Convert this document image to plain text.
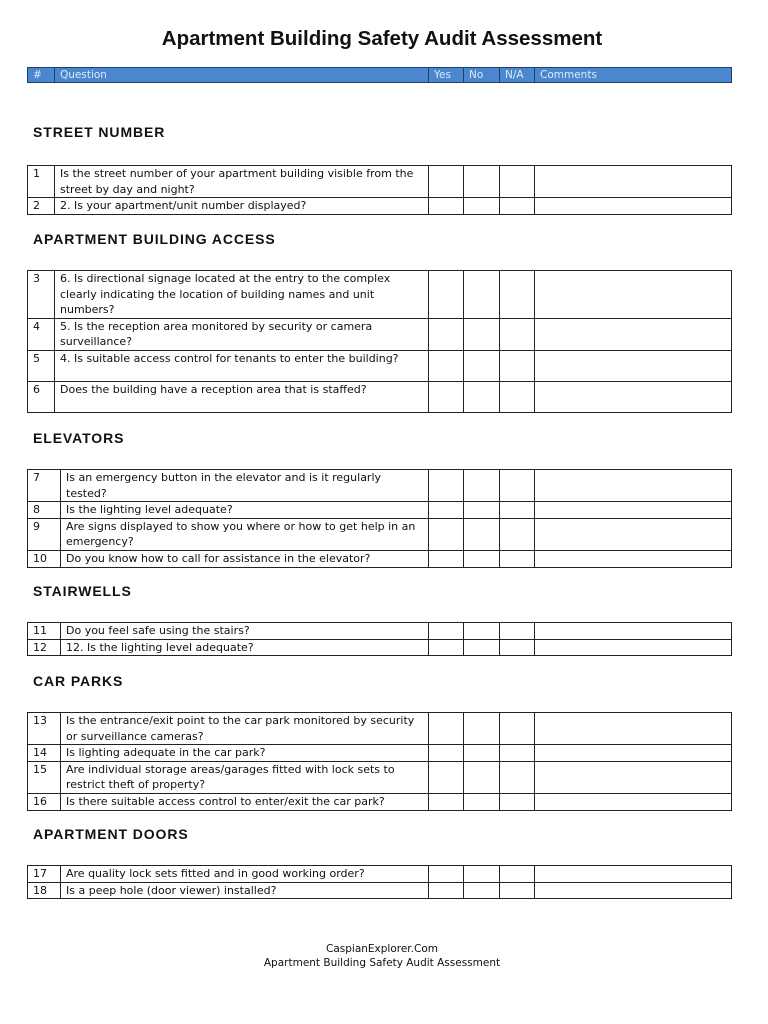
Apartment Building Safety Audit Assessment
#	Question	Yes	No	N/A	Comments
STREET NUMBER
1	Is the street number of your apartment building visible from the street by day and night?				
2	2. Is your apartment/unit number displayed?				
APARTMENT BUILDING ACCESS
3	6. Is directional signage located at the entry to the complex clearly indicating the location of building names and unit numbers?				
4	5. Is the reception area monitored by security or camera surveillance?				
5	4. Is suitable access control for tenants to enter the building?				
6	Does the building have a reception area that is staffed?				
ELEVATORS
7	Is an emergency button in the elevator and is it regularly tested?				
8	Is the lighting level adequate?				
9	Are signs displayed to show you where or how to get help in an emergency?				
10	Do you know how to call for assistance in the elevator?				
STAIRWELLS
11	Do you feel safe using the stairs?				
12	12. Is the lighting level adequate?				
CAR PARKS
13	Is the entrance/exit point to the car park monitored by security or surveillance cameras?				
14	Is lighting adequate in the car park?				
15	Are individual storage areas/garages fitted with lock sets to restrict theft of property?				
16	Is there suitable access control to enter/exit the car park?				
APARTMENT DOORS
17	Are quality lock sets fitted and in good working order?				
18	Is a peep hole (door viewer) installed?				
CaspianExplorer.Com
Apartment Building Safety Audit Assessment
